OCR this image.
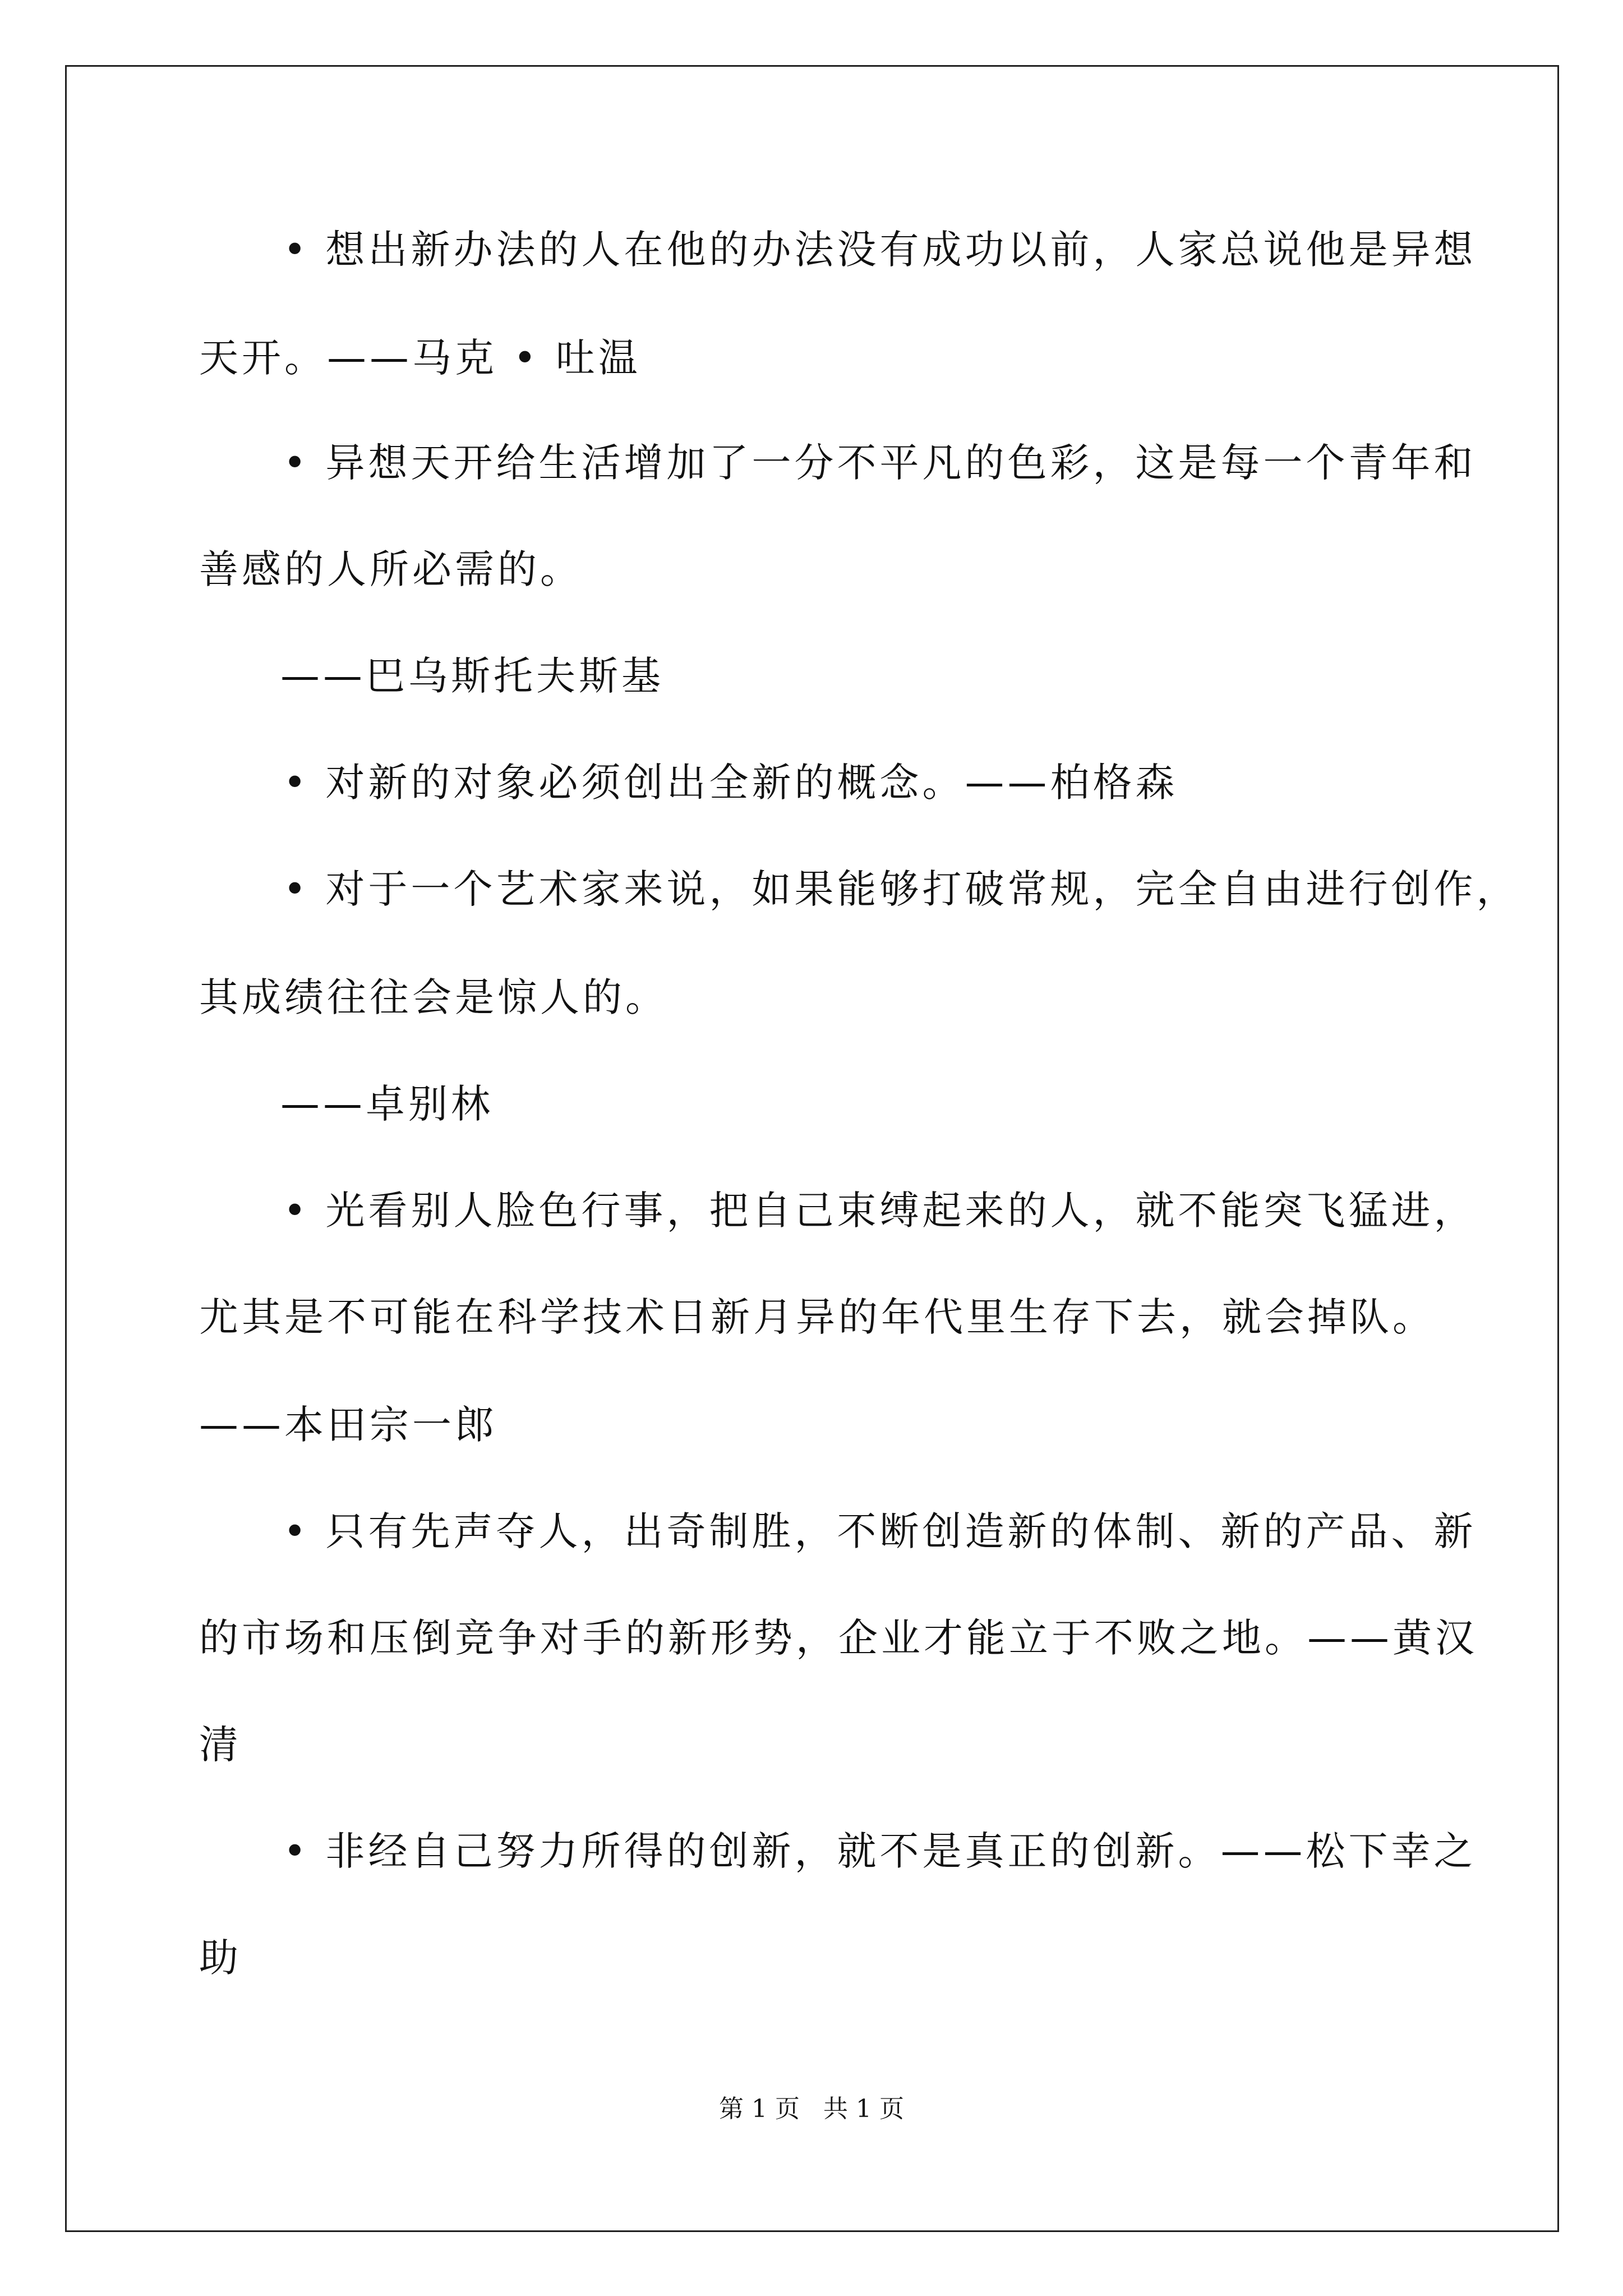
• 想出新办法的人在他的办法没有成功以前，人家总说他是异想
天开。——马克 • 吐温
• 异想天开给生活增加了一分不平凡的色彩，这是每一个青年和
善感的人所必需的。
——巴乌斯托夫斯基
• 对新的对象必须创出全新的概念。——柏格森
• 对于一个艺术家来说，如果能够打破常规，完全自由进行创作，
其成绩往往会是惊人的。
——卓别林
• 光看别人脸色行事，把自己束缚起来的人，就不能突飞猛进，
尤其是不可能在科学技术日新月异的年代里生存下去，就会掉队。
——本田宗一郎
• 只有先声夺人，出奇制胜，不断创造新的体制、新的产品、新
的市场和压倒竞争对手的新形势，企业才能立于不败之地。——黄汉
清
• 非经自己努力所得的创新，就不是真正的创新。——松下幸之
助
第 1 页 共 1 页
